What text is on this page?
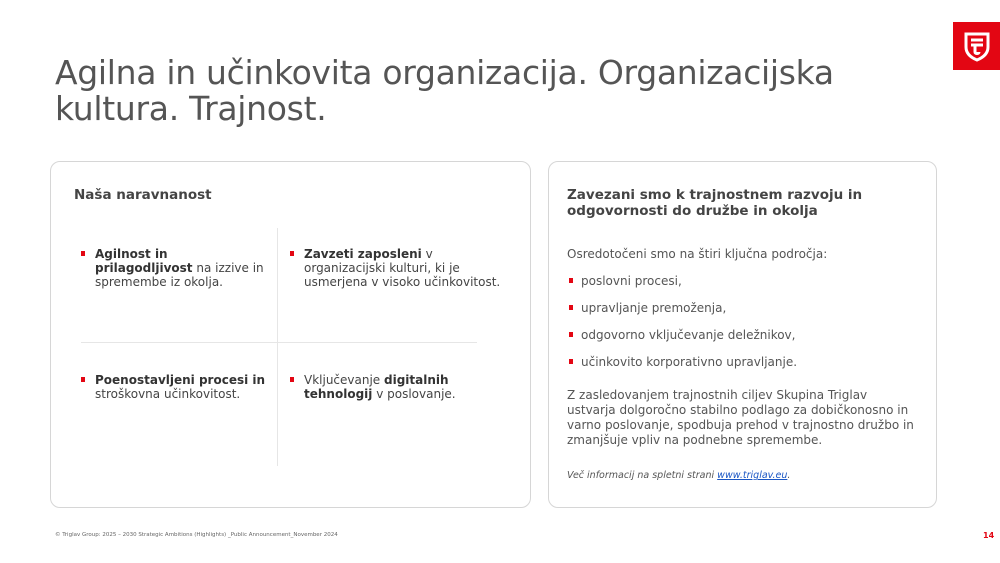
Agilna in učinkovita organizacija. Organizacijska kultura. Trajnost.
Naša naravnanost
Agilnost in prilagodljivost na izzive in spremembe iz okolja.
Zavzeti zaposleni v organizacijski kulturi, ki je usmerjena v visoko učinkovitost.
Poenostavljeni procesi in stroškovna učinkovitost.
Vključevanje digitalnih tehnologij v poslovanje.
Zavezani smo k trajnostnem razvoju in odgovornosti do družbe in okolja

Osredotočeni smo na štiri ključna področja:

poslovni procesi,
upravljanje premoženja,
odgovorno vključevanje deležnikov,
učinkovito korporativno upravljanje.

Z zasledovanjem trajnostnih ciljev Skupina Triglav ustvarja dolgoročno stabilno podlago za dobičkonosno in varno poslovanje, spodbuja prehod v trajnostno družbo in zmanjšuje vpliv na podnebne spremembe.

Več informacij na spletni strani www.triglav.eu.

© Triglav Group: 2025 – 2030 Strategic Ambitions (Highlights) _Public Announcement_November 2024	14
